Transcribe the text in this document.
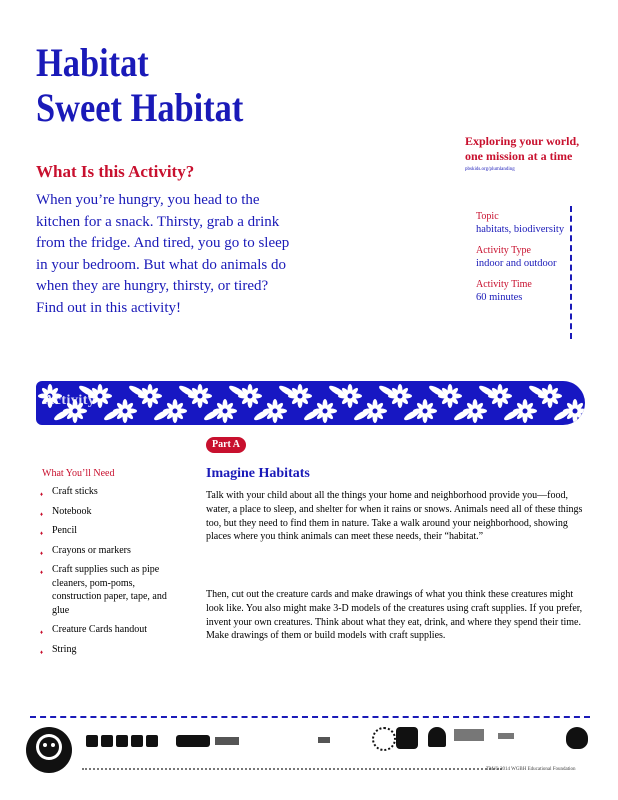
Habitat
Sweet Habitat
What Is this Activity?

When you’re hungry, you head to the kitchen for a snack. Thirsty, grab a drink from the fridge. And tired, you go to sleep in your bedroom. But what do animals do when they are hungry, thirsty, or tired? Find out in this activity!

Exploring your world, one mission at a time

pbskids.org/plumlanding

Topic

habitats, biodiversity

Activity Type

indoor and outdoor

Activity Time

60 minutes

Activity
Part A
What You’ll Need
♦ Craft sticks
♦ Notebook
♦ Pencil
♦ Crayons or markers
♦ Craft supplies such as pipe cleaners, pom-poms, construction paper, tape, and glue
♦ Creature Cards handout
♦ String
Imagine Habitats

Talk with your child about all the things your home and neighborhood provide you—food, water, a place to sleep, and shelter for when it rains or snows. Animals need all of these things too, but they need to find them in nature. Take a walk around your neighborhood, showing places where you think animals can meet these needs, their “habitat.”

Then, cut out the creature cards and make drawings of what you think these creatures might look like. You also might make 3-D models of the creatures using craft supplies. If you prefer, invent your own creatures. Think about what they eat, drink, and where they spend their time. Make drawings of them or build models with craft supplies.

TM/© 2014 WGBH Educational Foundation
